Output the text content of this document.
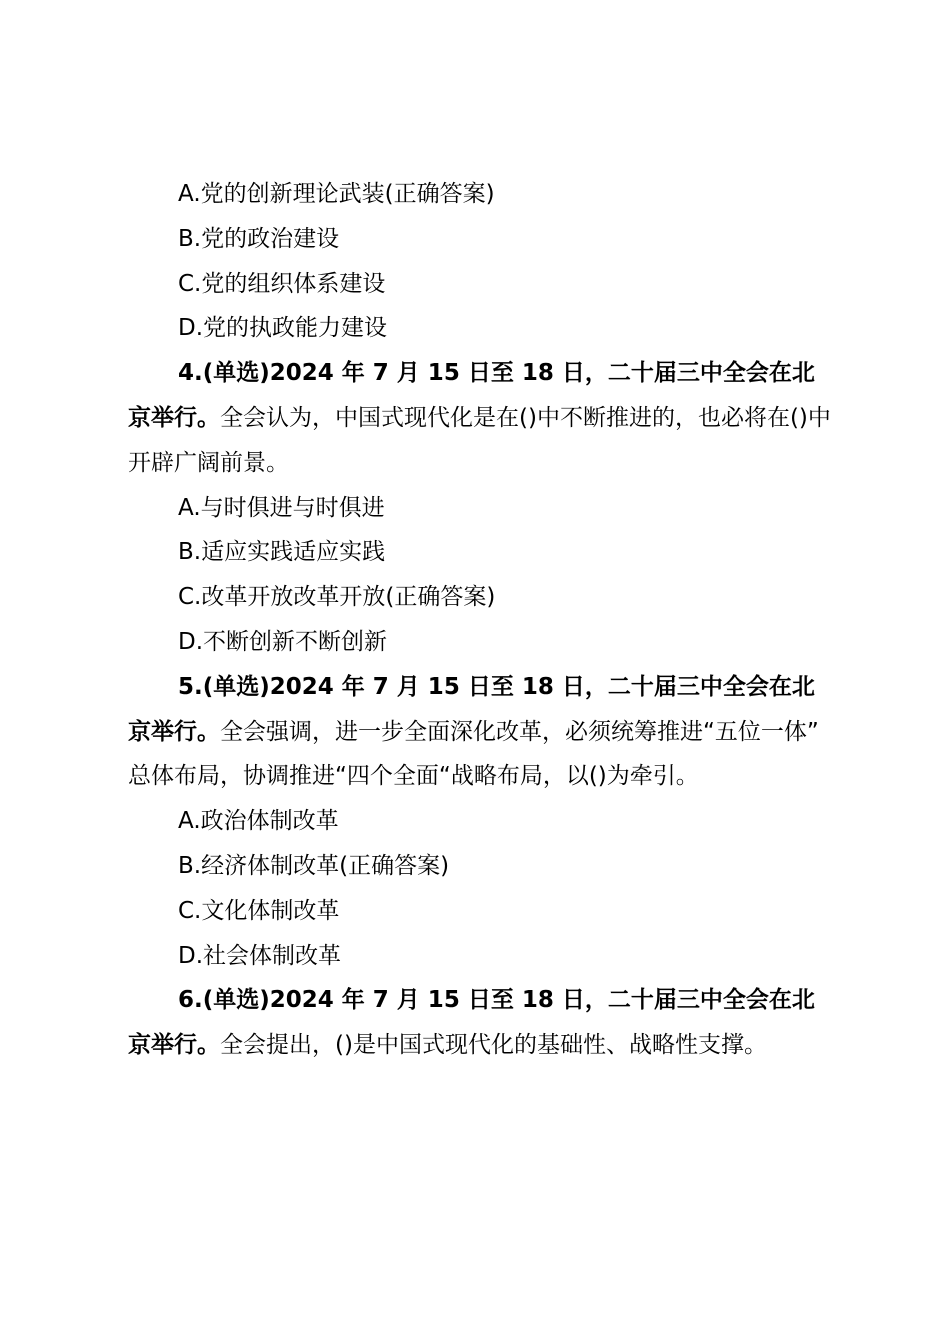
A.党的创新理论武装(正确答案)

B.党的政治建设

C.党的组织体系建设

D.党的执政能力建设

4.(单选)2024 年 7 月 15 日至 18 日，二十届三中全会在北京举行。全会认为，中国式现代化是在()中不断推进的，也必将在()中开辟广阔前景。

A.与时俱进与时俱进

B.适应实践适应实践

C.改革开放改革开放(正确答案)

D.不断创新不断创新

5.(单选)2024 年 7 月 15 日至 18 日，二十届三中全会在北京举行。全会强调，进一步全面深化改革，必须统筹推进“五位一体”总体布局，协调推进“四个全面“战略布局，以()为牵引。

A.政治体制改革

B.经济体制改革(正确答案)

C.文化体制改革

D.社会体制改革

6.(单选)2024 年 7 月 15 日至 18 日，二十届三中全会在北京举行。全会提出，()是中国式现代化的基础性、战略性支撑。
